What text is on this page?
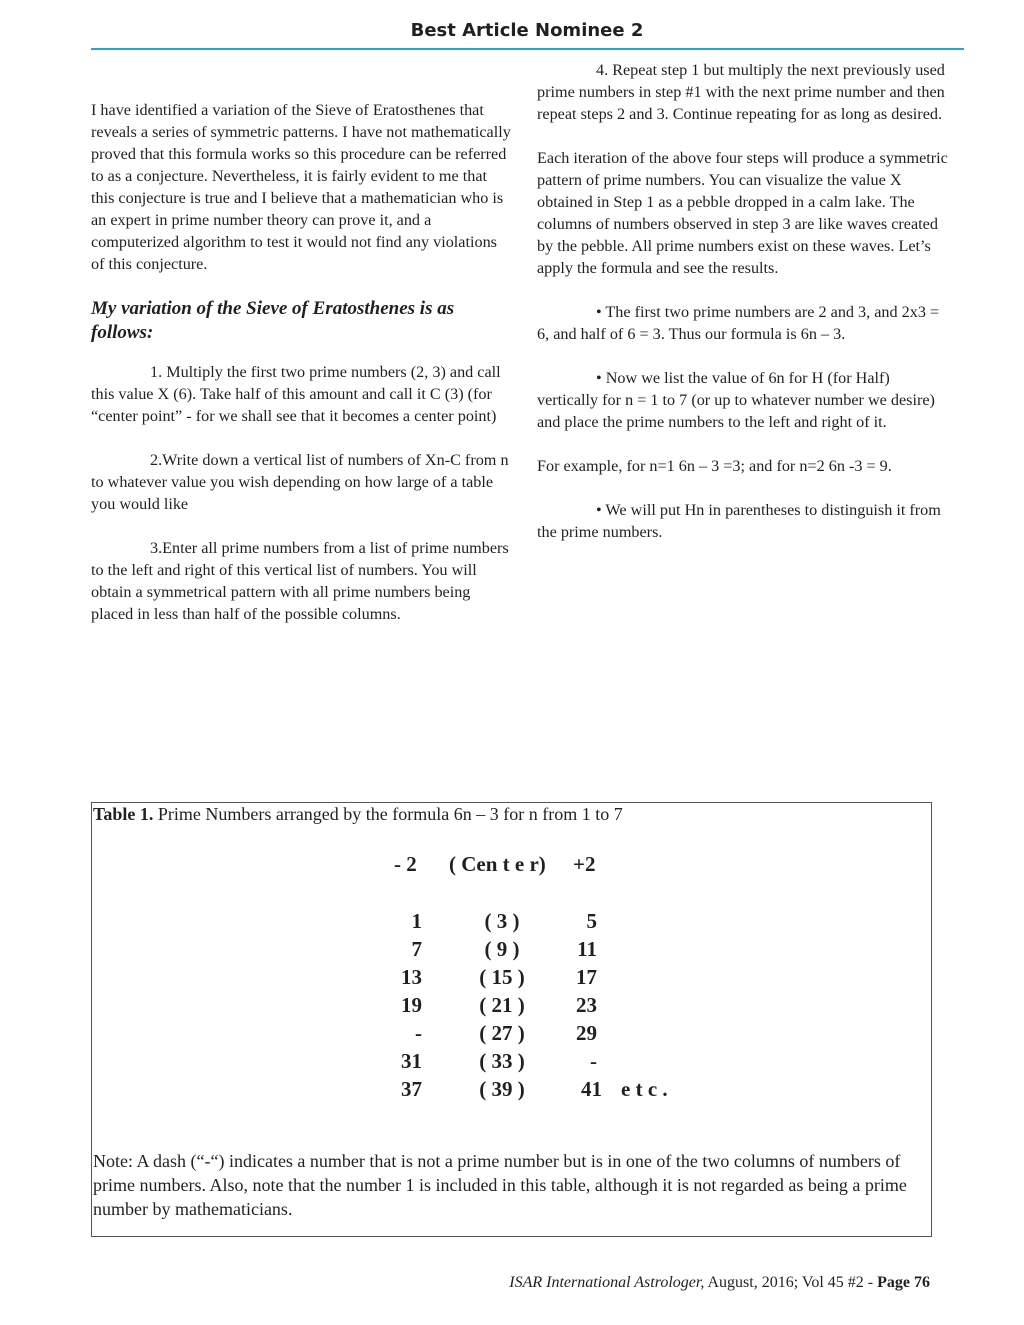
Best Article Nominee 2

I have identified a variation of the Sieve of Eratosthenes that reveals a series of symmetric patterns. I have not mathematically proved that this formula works so this procedure can be referred to as a conjecture. Nevertheless, it is fairly evident to me that this conjecture is true and I believe that a mathematician who is an expert in prime number theory can prove it, and a computerized algorithm to test it would not find any violations of this conjecture.

My variation of the Sieve of Eratosthenes is as follows:

1. Multiply the first two prime numbers (2, 3) and call this value X (6). Take half of this amount and call it C (3) (for “center point” - for we shall see that it becomes a center point)

2.Write down a vertical list of numbers of Xn-C from n to whatever value you wish depending on how large of a table you would like

3.Enter all prime numbers from a list of prime numbers to the left and right of this vertical list of numbers. You will obtain a symmetrical pattern with all prime numbers being placed in less than half of the possible columns.

4. Repeat step 1 but multiply the next previously used prime numbers in step #1 with the next prime number and then repeat steps 2 and 3. Continue repeating for as long as desired.

Each iteration of the above four steps will produce a symmetric pattern of prime numbers. You can visualize the value X obtained in Step 1 as a pebble dropped in a calm lake. The columns of numbers observed in step 3 are like waves created by the pebble. All prime numbers exist on these waves. Let’s apply the formula and see the results.

• The first two prime numbers are 2 and 3, and 2x3 = 6, and half of 6 = 3. Thus our formula is 6n – 3.

• Now we list the value of 6n for H (for Half) vertically for n = 1 to 7 (or up to whatever number we desire) and place the prime numbers to the left and right of it.

For example, for n=1 6n – 3 =3; and for n=2 6n -3 = 9.

• We will put Hn in parentheses to distinguish it from the prime numbers.

Table 1. Prime Numbers arranged by the formula 6n – 3 for n from 1 to 7
- 2 ( Cen t e r) +2
1	( 3 )	5
7	( 9 )	11
13	( 15 )	17
19	( 21 )	23
-	( 27 )	29
31	( 33 )	-
37	( 39 )	41 e t c .
Note: A dash (“-“) indicates a number that is not a prime number but is in one of the two columns of numbers of prime numbers. Also, note that the number 1 is included in this table, although it is not regarded as being a prime number by mathematicians.
ISAR International Astrologer, August, 2016; Vol 45 #2 - Page 76
